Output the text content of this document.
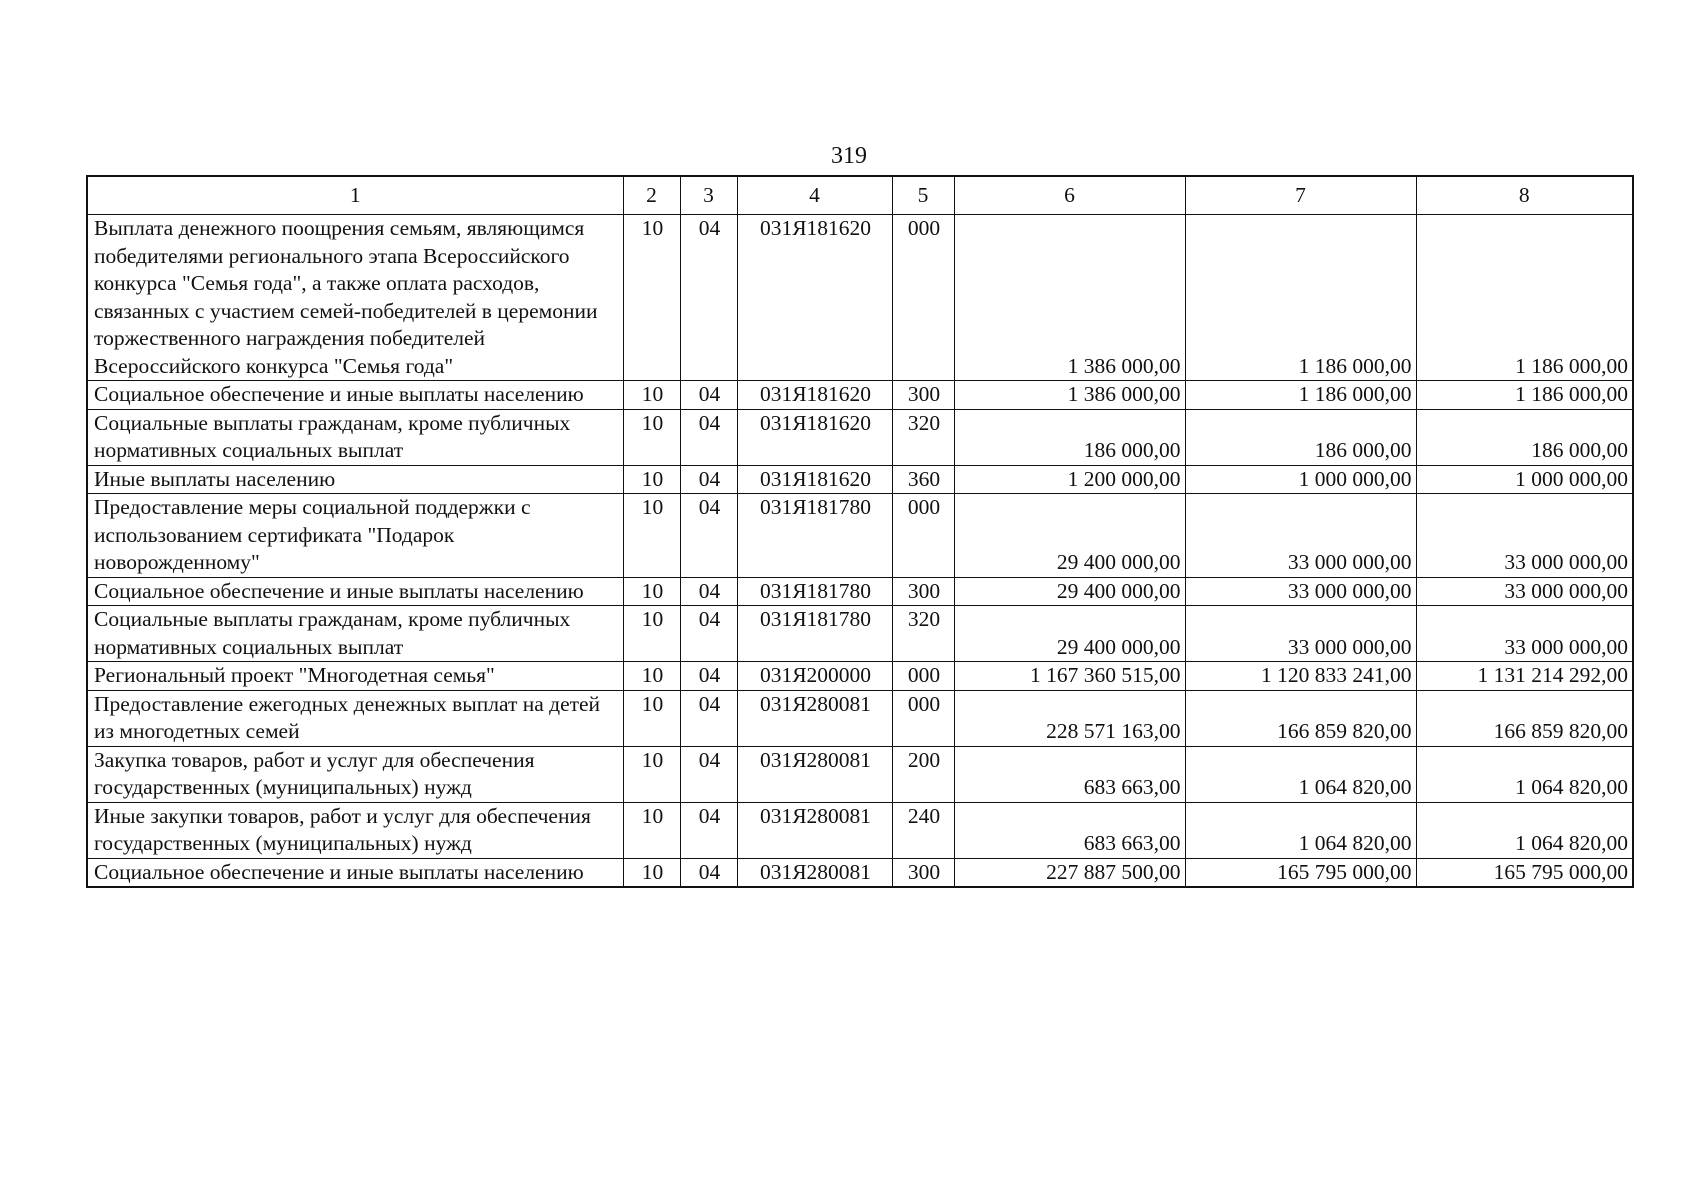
319
1	2	3	4	5	6	7	8
Выплата денежного поощрения семьям, являющимся победителями регионального этапа Всероссийского конкурса "Семья года", а также оплата расходов, связанных с участием семей-победителей в церемонии торжественного награждения победителей Всероссийского конкурса "Семья года"	10	04	031Я181620	000	1 386 000,00	1 186 000,00	1 186 000,00
Социальное обеспечение и иные выплаты населению	10	04	031Я181620	300	1 386 000,00	1 186 000,00	1 186 000,00
Социальные выплаты гражданам, кроме публичных нормативных социальных выплат	10	04	031Я181620	320	186 000,00	186 000,00	186 000,00
Иные выплаты населению	10	04	031Я181620	360	1 200 000,00	1 000 000,00	1 000 000,00
Предоставление меры социальной поддержки с использованием сертификата "Подарок новорожденному"	10	04	031Я181780	000	29 400 000,00	33 000 000,00	33 000 000,00
Социальное обеспечение и иные выплаты населению	10	04	031Я181780	300	29 400 000,00	33 000 000,00	33 000 000,00
Социальные выплаты гражданам, кроме публичных нормативных социальных выплат	10	04	031Я181780	320	29 400 000,00	33 000 000,00	33 000 000,00
Региональный проект "Многодетная семья"	10	04	031Я200000	000	1 167 360 515,00	1 120 833 241,00	1 131 214 292,00
Предоставление ежегодных денежных выплат на детей из многодетных семей	10	04	031Я280081	000	228 571 163,00	166 859 820,00	166 859 820,00
Закупка товаров, работ и услуг для обеспечения государственных (муниципальных) нужд	10	04	031Я280081	200	683 663,00	1 064 820,00	1 064 820,00
Иные закупки товаров, работ и услуг для обеспечения государственных (муниципальных) нужд	10	04	031Я280081	240	683 663,00	1 064 820,00	1 064 820,00
Социальное обеспечение и иные выплаты населению	10	04	031Я280081	300	227 887 500,00	165 795 000,00	165 795 000,00
